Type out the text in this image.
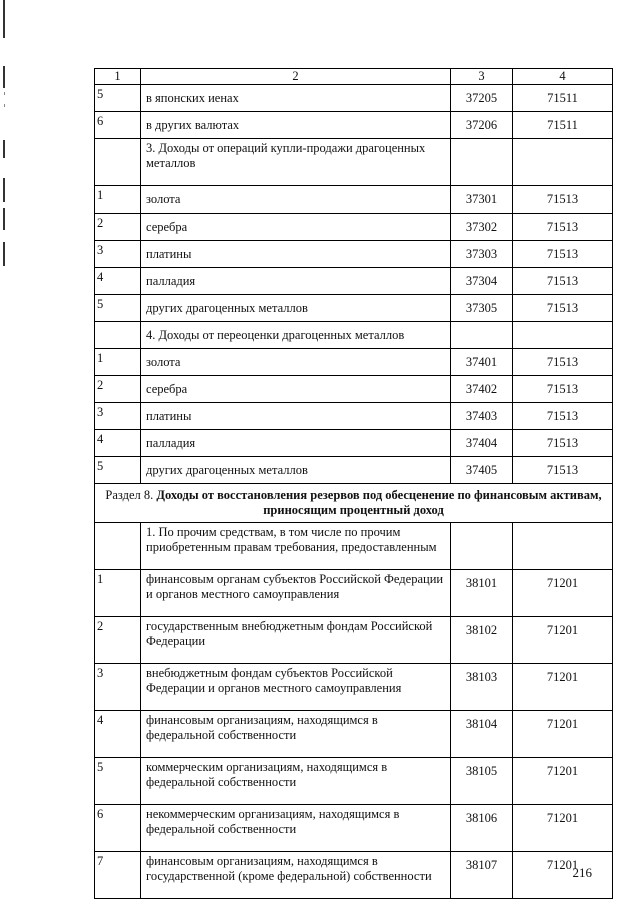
1	2	3	4
5	в японских иенах	37205	71511
6	в других валютах	37206	71511
	3. Доходы от операций купли-продажи драгоценных металлов		
1	золота	37301	71513
2	серебра	37302	71513
3	платины	37303	71513
4	палладия	37304	71513
5	других драгоценных металлов	37305	71513
	4. Доходы от переоценки драгоценных металлов		
1	золота	37401	71513
2	серебра	37402	71513
3	платины	37403	71513
4	палладия	37404	71513
5	других драгоценных металлов	37405	71513
Раздел 8. Доходы от восстановления резервов под обесценение по финансовым активам, приносящим процентный доход			
	1. По прочим средствам, в том числе по прочим приобретенным правам требования, предоставленным		
1	финансовым органам субъектов Российской Федерации и органов местного самоуправления	38101	71201
2	государственным внебюджетным фондам Российской Федерации	38102	71201
3	внебюджетным фондам субъектов Российской Федерации и органов местного самоуправления	38103	71201
4	финансовым организациям, находящимся в федеральной собственности	38104	71201
5	коммерческим организациям, находящимся в федеральной собственности	38105	71201
6	некоммерческим организациям, находящимся в федеральной собственности	38106	71201
7	финансовым организациям, находящимся в государственной (кроме федеральной) собственности	38107	71201
216
